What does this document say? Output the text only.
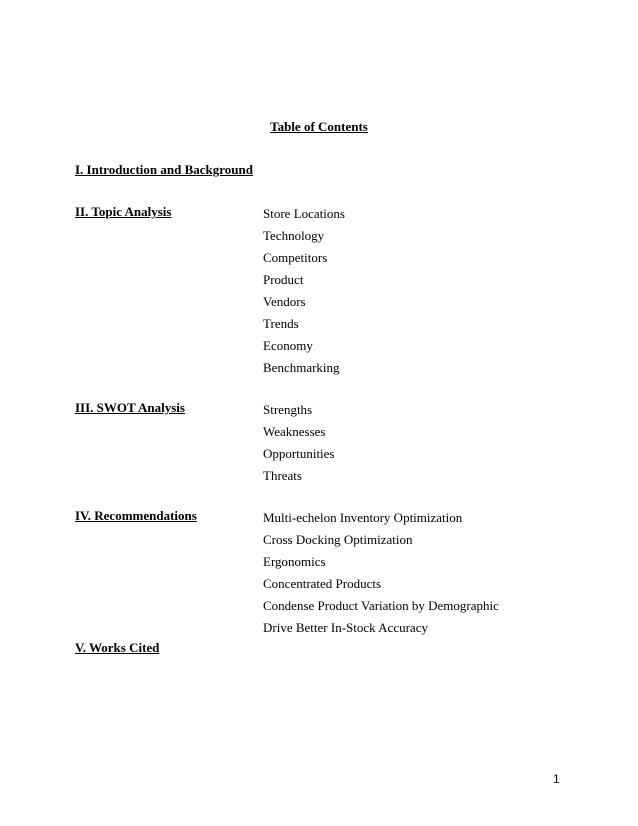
Table of Contents
I. Introduction and Background
II. Topic Analysis	Store Locations
Technology
Competitors
Product
Vendors
Trends
Economy
Benchmarking
III. SWOT Analysis	Strengths
Weaknesses
Opportunities
Threats
IV. Recommendations	Multi-echelon Inventory Optimization
Cross Docking Optimization
Ergonomics
Concentrated Products
Condense Product Variation by Demographic
Drive Better In-Stock Accuracy
V. Works Cited
1
